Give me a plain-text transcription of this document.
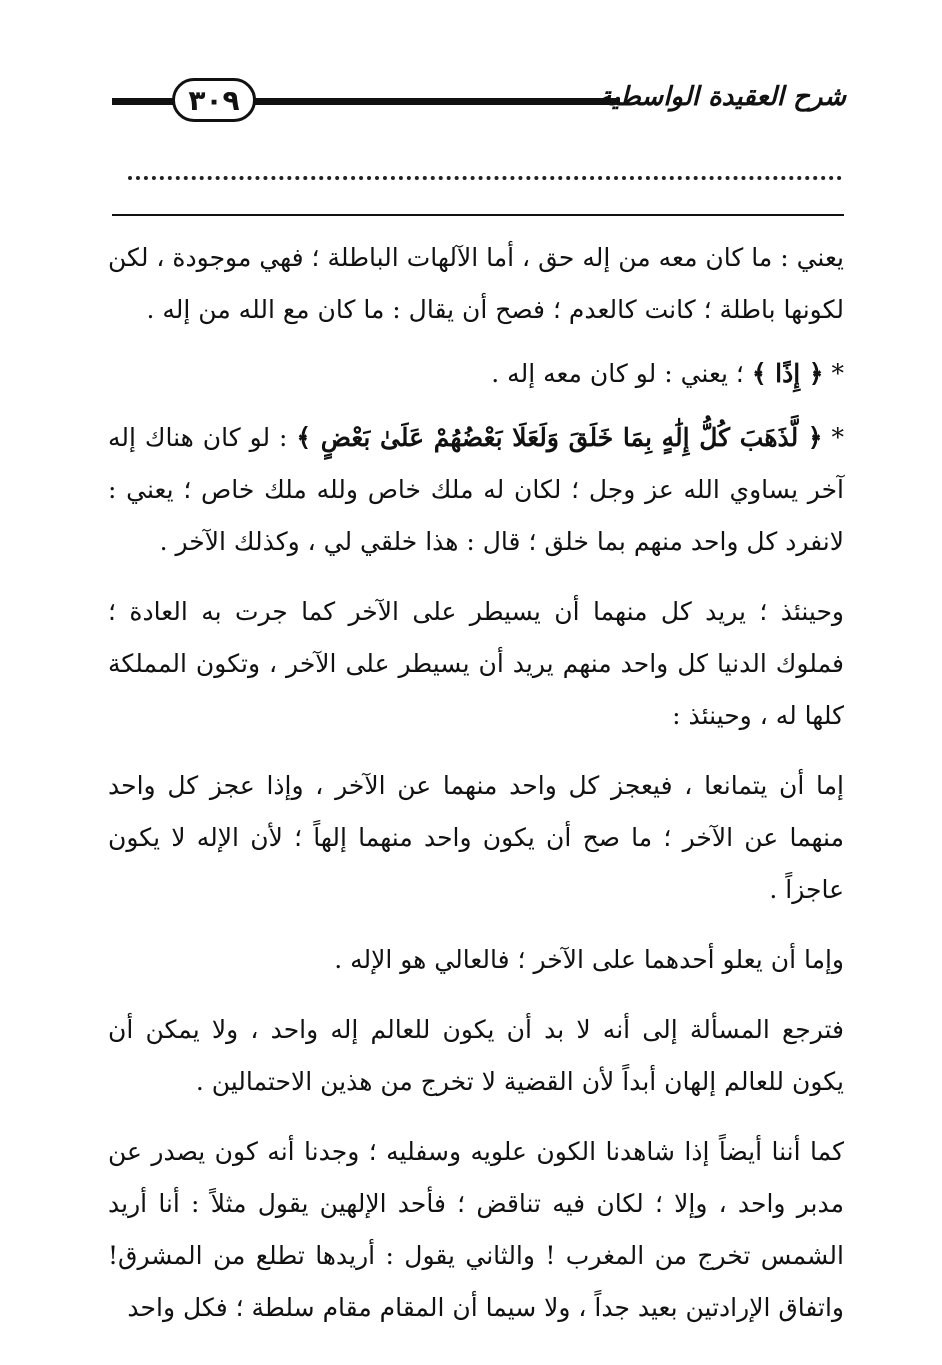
شرح العقيدة الواسطية
٣٠٩

يعني : ما كان معه من إله حق ، أما الآلهات الباطلة ؛ فهي موجودة ، لكن لكونها باطلة ؛ كانت كالعدم ؛ فصح أن يقال : ما كان مع الله من إله .

* ﴿ إِذًا ﴾ ؛ يعني : لو كان معه إله .

* ﴿ لَّذَهَبَ كُلُّ إِلَٰهٍ بِمَا خَلَقَ وَلَعَلَا بَعْضُهُمْ عَلَىٰ بَعْضٍ ﴾ : لو كان هناك إله آخر يساوي الله عز وجل ؛ لكان له ملك خاص ولله ملك خاص ؛ يعني : لانفرد كل واحد منهم بما خلق ؛ قال : هذا خلقي لي ، وكذلك الآخر .

وحينئذ ؛ يريد كل منهما أن يسيطر على الآخر كما جرت به العادة ؛ فملوك الدنيا كل واحد منهم يريد أن يسيطر على الآخر ، وتكون المملكة كلها له ، وحينئذ :

إما أن يتمانعا ، فيعجز كل واحد منهما عن الآخر ، وإذا عجز كل واحد منهما عن الآخر ؛ ما صح أن يكون واحد منهما إلهاً ؛ لأن الإله لا يكون عاجزاً .

وإما أن يعلو أحدهما على الآخر ؛ فالعالي هو الإله .

فترجع المسألة إلى أنه لا بد أن يكون للعالم إله واحد ، ولا يمكن أن يكون للعالم إلهان أبداً لأن القضية لا تخرج من هذين الاحتمالين .

كما أننا أيضاً إذا شاهدنا الكون علويه وسفليه ؛ وجدنا أنه كون يصدر عن مدبر واحد ، وإلا ؛ لكان فيه تناقض ؛ فأحد الإلهين يقول مثلاً : أنا أريد الشمس تخرج من المغرب ! والثاني يقول : أريدها تطلع من المشرق! واتفاق الإرادتين بعيد جداً ، ولا سيما أن المقام مقام سلطة ؛ فكل واحد
